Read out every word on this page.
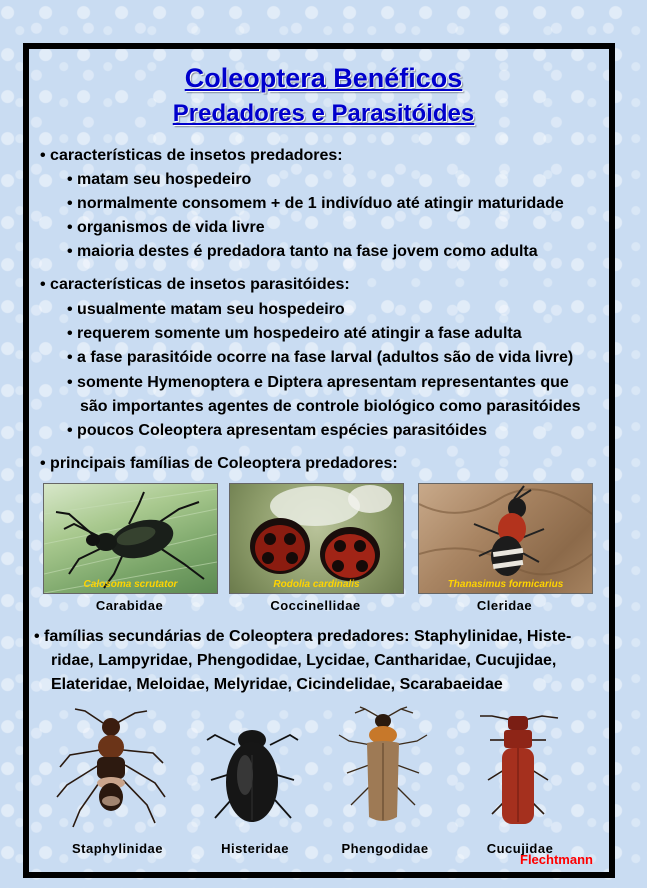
Coleoptera Benéficos
Predadores e Parasitóides
• características de insetos predadores:
• matam seu hospedeiro
• normalmente consomem + de 1 indivíduo até atingir maturidade
• organismos de vida livre
• maioria destes é predadora tanto na fase jovem como adulta
• características de insetos parasitóides:
• usualmente matam seu hospedeiro
• requerem somente um hospedeiro até atingir a fase adulta
• a fase parasitóide ocorre na fase larval (adultos são de vida livre)
• somente Hymenoptera e Diptera apresentam representantes que
são importantes agentes de controle biológico como parasitóides
• poucos Coleoptera apresentam espécies parasitóides
• principais famílias de Coleoptera predadores:
Calosoma scrutator
Carabidae
Rodolia cardinalis
Coccinellidae
Thanasimus formicarius
Cleridae
• famílias secundárias de Coleoptera predadores: Staphylinidae, Histe-
ridae, Lampyridae, Phengodidae, Lycidae, Cantharidae, Cucujidae,
Elateridae, Meloidae, Melyridae, Cicindelidae, Scarabaeidae
Staphylinidae	Histeridae	Phengodidae	Cucujidae
Flechtmann
